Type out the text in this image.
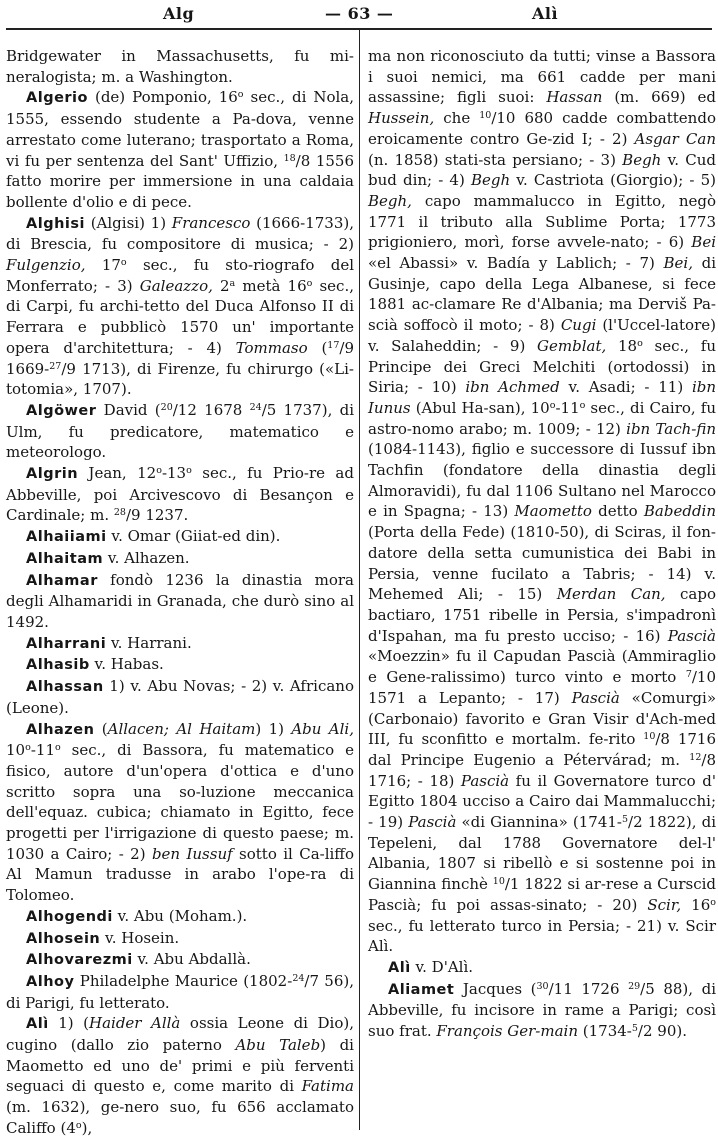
Alg	— 63 —	Alì

Bridgewater in Massachusetts, fu mi-neralogista; m. a Washington.

Algerio (de) Pomponio, 16$^o$ sec., di Nola, 1555, essendo studente a Pa-dova, venne arrestato come luterano; trasportato a Roma, vi fu per sentenza del Sant' Uffizio, $^{18}$/8 1556 fatto morire per immersione in una caldaia bollente d'olio e di pece.

Alghisi (Algisi) 1) Francesco (1666-1733), di Brescia, fu compositore di musica; - 2) Fulgenzio, 17$^o$ sec., fu sto-riografo del Monferrato; - 3) Galeazzo, 2$^a$ metà 16$^o$ sec., di Carpi, fu archi-tetto del Duca Alfonso II di Ferrara e pubblicò 1570 un' importante opera d'architettura; - 4) Tommaso ($^{17}$/9 1669-$^{27}$/9 1713), di Firenze, fu chirurgo («Li-totomia», 1707).

Algöwer David ($^{20}$/12 1678 $^{24}$/5 1737), di Ulm, fu predicatore, matematico e meteorologo.

Algrin Jean, 12$^o$-13$^o$ sec., fu Prio-re ad Abbeville, poi Arcivescovo di Besançon e Cardinale; m. $^{28}$/9 1237.

Alhaiiami v. Omar (Giiat-ed din).

Alhaitam v. Alhazen.

Alhamar fondò 1236 la dinastia mora degli Alhamaridi in Granada, che durò sino al 1492.

Alharrani v. Harrani.

Alhasib v. Habas.

Alhassan 1) v. Abu Novas; - 2) v. Africano (Leone).

Alhazen (Allacen; Al Haitam) 1) Abu Ali, 10$^o$-11$^o$ sec., di Bassora, fu matematico e fisico, autore d'un'opera d'ottica e d'uno scritto sopra una so-luzione meccanica dell'equaz. cubica; chiamato in Egitto, fece progetti per l'irrigazione di questo paese; m. 1030 a Cairo; - 2) ben Iussuf sotto il Ca-liffo Al Mamun tradusse in arabo l'ope-ra di Tolomeo.

Alhogendi v. Abu (Moham.).

Alhosein v. Hosein.

Alhovarezmi v. Abu Abdallà.

Alhoy Philadelphe Maurice (1802-$^{24}$/7 56), di Parigi, fu letterato.

Alì 1) (Haider Allà ossia Leone di Dio), cugino (dallo zio paterno Abu Taleb) di Maometto ed uno de' primi e più ferventi seguaci di questo e, come marito di Fatima (m. 1632), ge-nero suo, fu 656 acclamato Califfo (4$^o$),

ma non riconosciuto da tutti; vinse a Bassora i suoi nemici, ma 661 cadde per mani assassine; figli suoi: Hassan (m. 669) ed Hussein, che $^{10}$/10 680 cadde combattendo eroicamente contro Ge-zid I; - 2) Asgar Can (n. 1858) stati-sta persiano; - 3) Begh v. Cud bud din; - 4) Begh v. Castriota (Giorgio); - 5) Begh, capo mammalucco in Egitto, negò 1771 il tributo alla Sublime Porta; 1773 prigioniero, morì, forse avvele-nato; - 6) Bei «el Abassi» v. Badía y Lablich; - 7) Bei, di Gusinje, capo della Lega Albanese, si fece 1881 ac-clamare Re d'Albania; ma Derviš Pa-scià soffocò il moto; - 8) Cugi (l'Uccel-latore) v. Salaheddin; - 9) Gemblat, 18$^o$ sec., fu Principe dei Greci Melchiti (ortodossi) in Siria; - 10) ibn Achmed v. Asadi; - 11) ibn Iunus (Abul Ha-san), 10$^o$-11$^o$ sec., di Cairo, fu astro-nomo arabo; m. 1009; - 12) ibn Tach-fin (1084-1143), figlio e successore di Iussuf ibn Tachfin (fondatore della dinastia degli Almoravidi), fu dal 1106 Sultano nel Marocco e in Spagna; - 13) Maometto detto Babeddin (Porta della Fede) (1810-50), di Sciras, il fon-datore della setta cumunistica dei Babi in Persia, venne fucilato a Tabris; - 14) v. Mehemed Ali; - 15) Merdan Can, capo bactiaro, 1751 ribelle in Persia, s'impadronì d'Ispahan, ma fu presto ucciso; - 16) Pascià «Moezzin» fu il Capudan Pascià (Ammiraglio e Gene-ralissimo) turco vinto e morto $^7$/10 1571 a Lepanto; - 17) Pascià «Comurgi» (Carbonaio) favorito e Gran Visir d'Ach-med III, fu sconfitto e mortalm. fe-rito $^{10}$/8 1716 dal Principe Eugenio a Pétervárad; m. $^{12}$/8 1716; - 18) Pascià fu il Governatore turco d' Egitto 1804 ucciso a Cairo dai Mammalucchi; - 19) Pascià «di Giannina» (1741-$^5$/2 1822), di Tepeleni, dal 1788 Governatore del-l' Albania, 1807 si ribellò e si sostenne poi in Giannina finchè $^{10}$/1 1822 si ar-rese a Curscid Pascià; fu poi assas-sinato; - 20) Scir, 16$^o$ sec., fu letterato turco in Persia; - 21) v. Scir Alì.

Alì v. D'Alì.

Aliamet Jacques ($^{30}$/11 1726 $^{29}$/5 88), di Abbeville, fu incisore in rame a Parigi; così suo frat. François Ger-main (1734-$^5$/2 90).
